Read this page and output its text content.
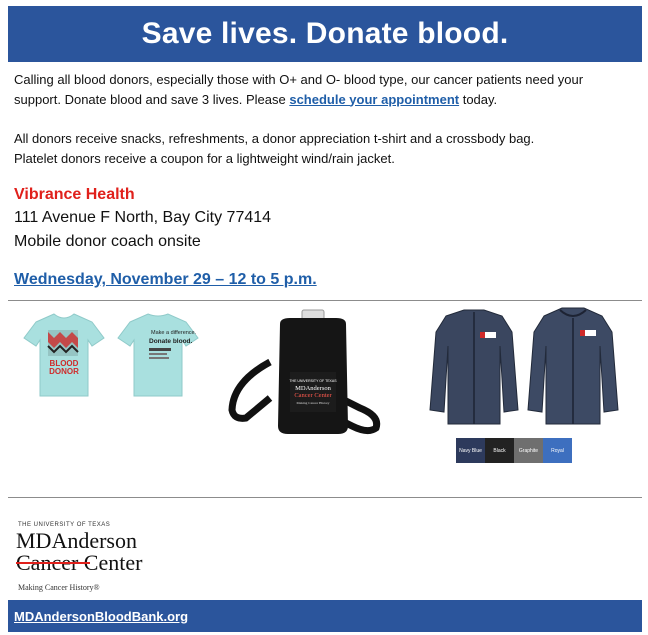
Save lives. Donate blood.
Calling all blood donors, especially those with O+ and O- blood type, our cancer patients need your support. Donate blood and save 3 lives. Please schedule your appointment today.
All donors receive snacks, refreshments, a donor appreciation t-shirt and a crossbody bag. Platelet donors receive a coupon for a lightweight wind/rain jacket.
Vibrance Health
111 Avenue F North, Bay City 77414
Mobile donor coach onsite
Wednesday, November 29 – 12 to 5 p.m.
BLOOD
DONOR
Make a difference.
Donate blood.
THE UNIVERSITY OF TEXAS
MDAnderson
Cancer Center
Making Cancer History
Navy Blue	Black	Graphite	Royal
THE UNIVERSITY OF TEXAS
MDAnderson
Cancer Center
Making Cancer History®
MDAndersonBloodBank.org
